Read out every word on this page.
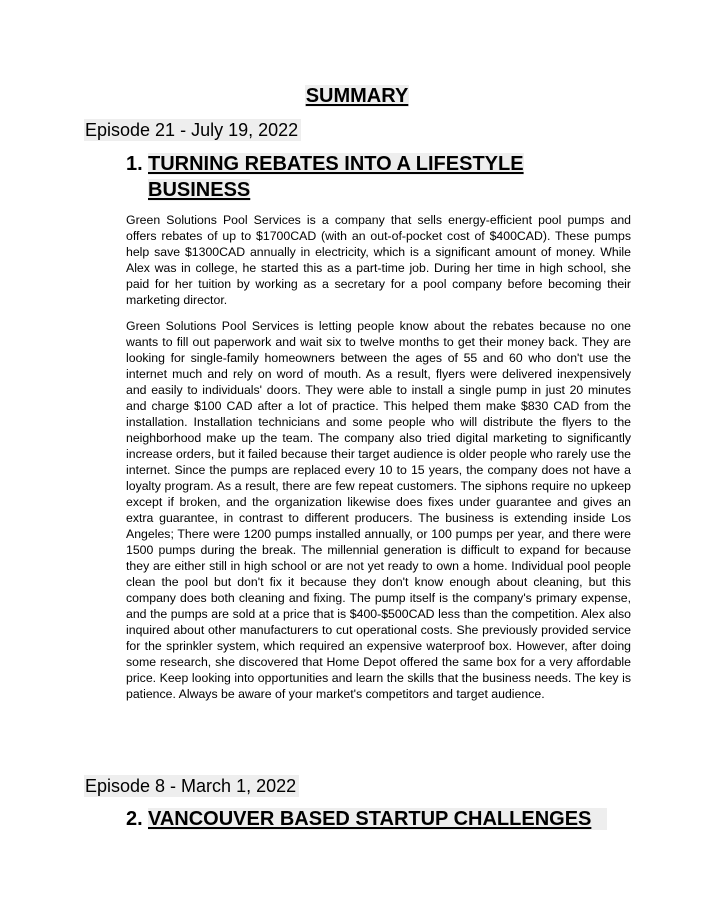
SUMMARY
Episode 21 - July 19, 2022
1. TURNING REBATES INTO A LIFESTYLE
BUSINESS

Green Solutions Pool Services is a company that sells energy-efficient pool pumps and offers rebates of up to $1700CAD (with an out-of-pocket cost of $400CAD). These pumps help save $1300CAD annually in electricity, which is a significant amount of money. While Alex was in college, he started this as a part-time job. During her time in high school, she paid for her tuition by working as a secretary for a pool company before becoming their marketing director.

Green Solutions Pool Services is letting people know about the rebates because no one wants to fill out paperwork and wait six to twelve months to get their money back. They are looking for single-family homeowners between the ages of 55 and 60 who don't use the internet much and rely on word of mouth. As a result, flyers were delivered inexpensively and easily to individuals' doors. They were able to install a single pump in just 20 minutes and charge $100 CAD after a lot of practice. This helped them make $830 CAD from the installation. Installation technicians and some people who will distribute the flyers to the neighborhood make up the team. The company also tried digital marketing to significantly increase orders, but it failed because their target audience is older people who rarely use the internet. Since the pumps are replaced every 10 to 15 years, the company does not have a loyalty program. As a result, there are few repeat customers. The siphons require no upkeep except if broken, and the organization likewise does fixes under guarantee and gives an extra guarantee, in contrast to different producers. The business is extending inside Los Angeles; There were 1200 pumps installed annually, or 100 pumps per year, and there were 1500 pumps during the break. The millennial generation is difficult to expand for because they are either still in high school or are not yet ready to own a home. Individual pool people clean the pool but don't fix it because they don't know enough about cleaning, but this company does both cleaning and fixing. The pump itself is the company's primary expense, and the pumps are sold at a price that is $400-$500CAD less than the competition. Alex also inquired about other manufacturers to cut operational costs. She previously provided service for the sprinkler system, which required an expensive waterproof box. However, after doing some research, she discovered that Home Depot offered the same box for a very affordable price. Keep looking into opportunities and learn the skills that the business needs. The key is patience. Always be aware of your market's competitors and target audience.

Episode 8 - March 1, 2022
2. VANCOUVER BASED STARTUP CHALLENGES
